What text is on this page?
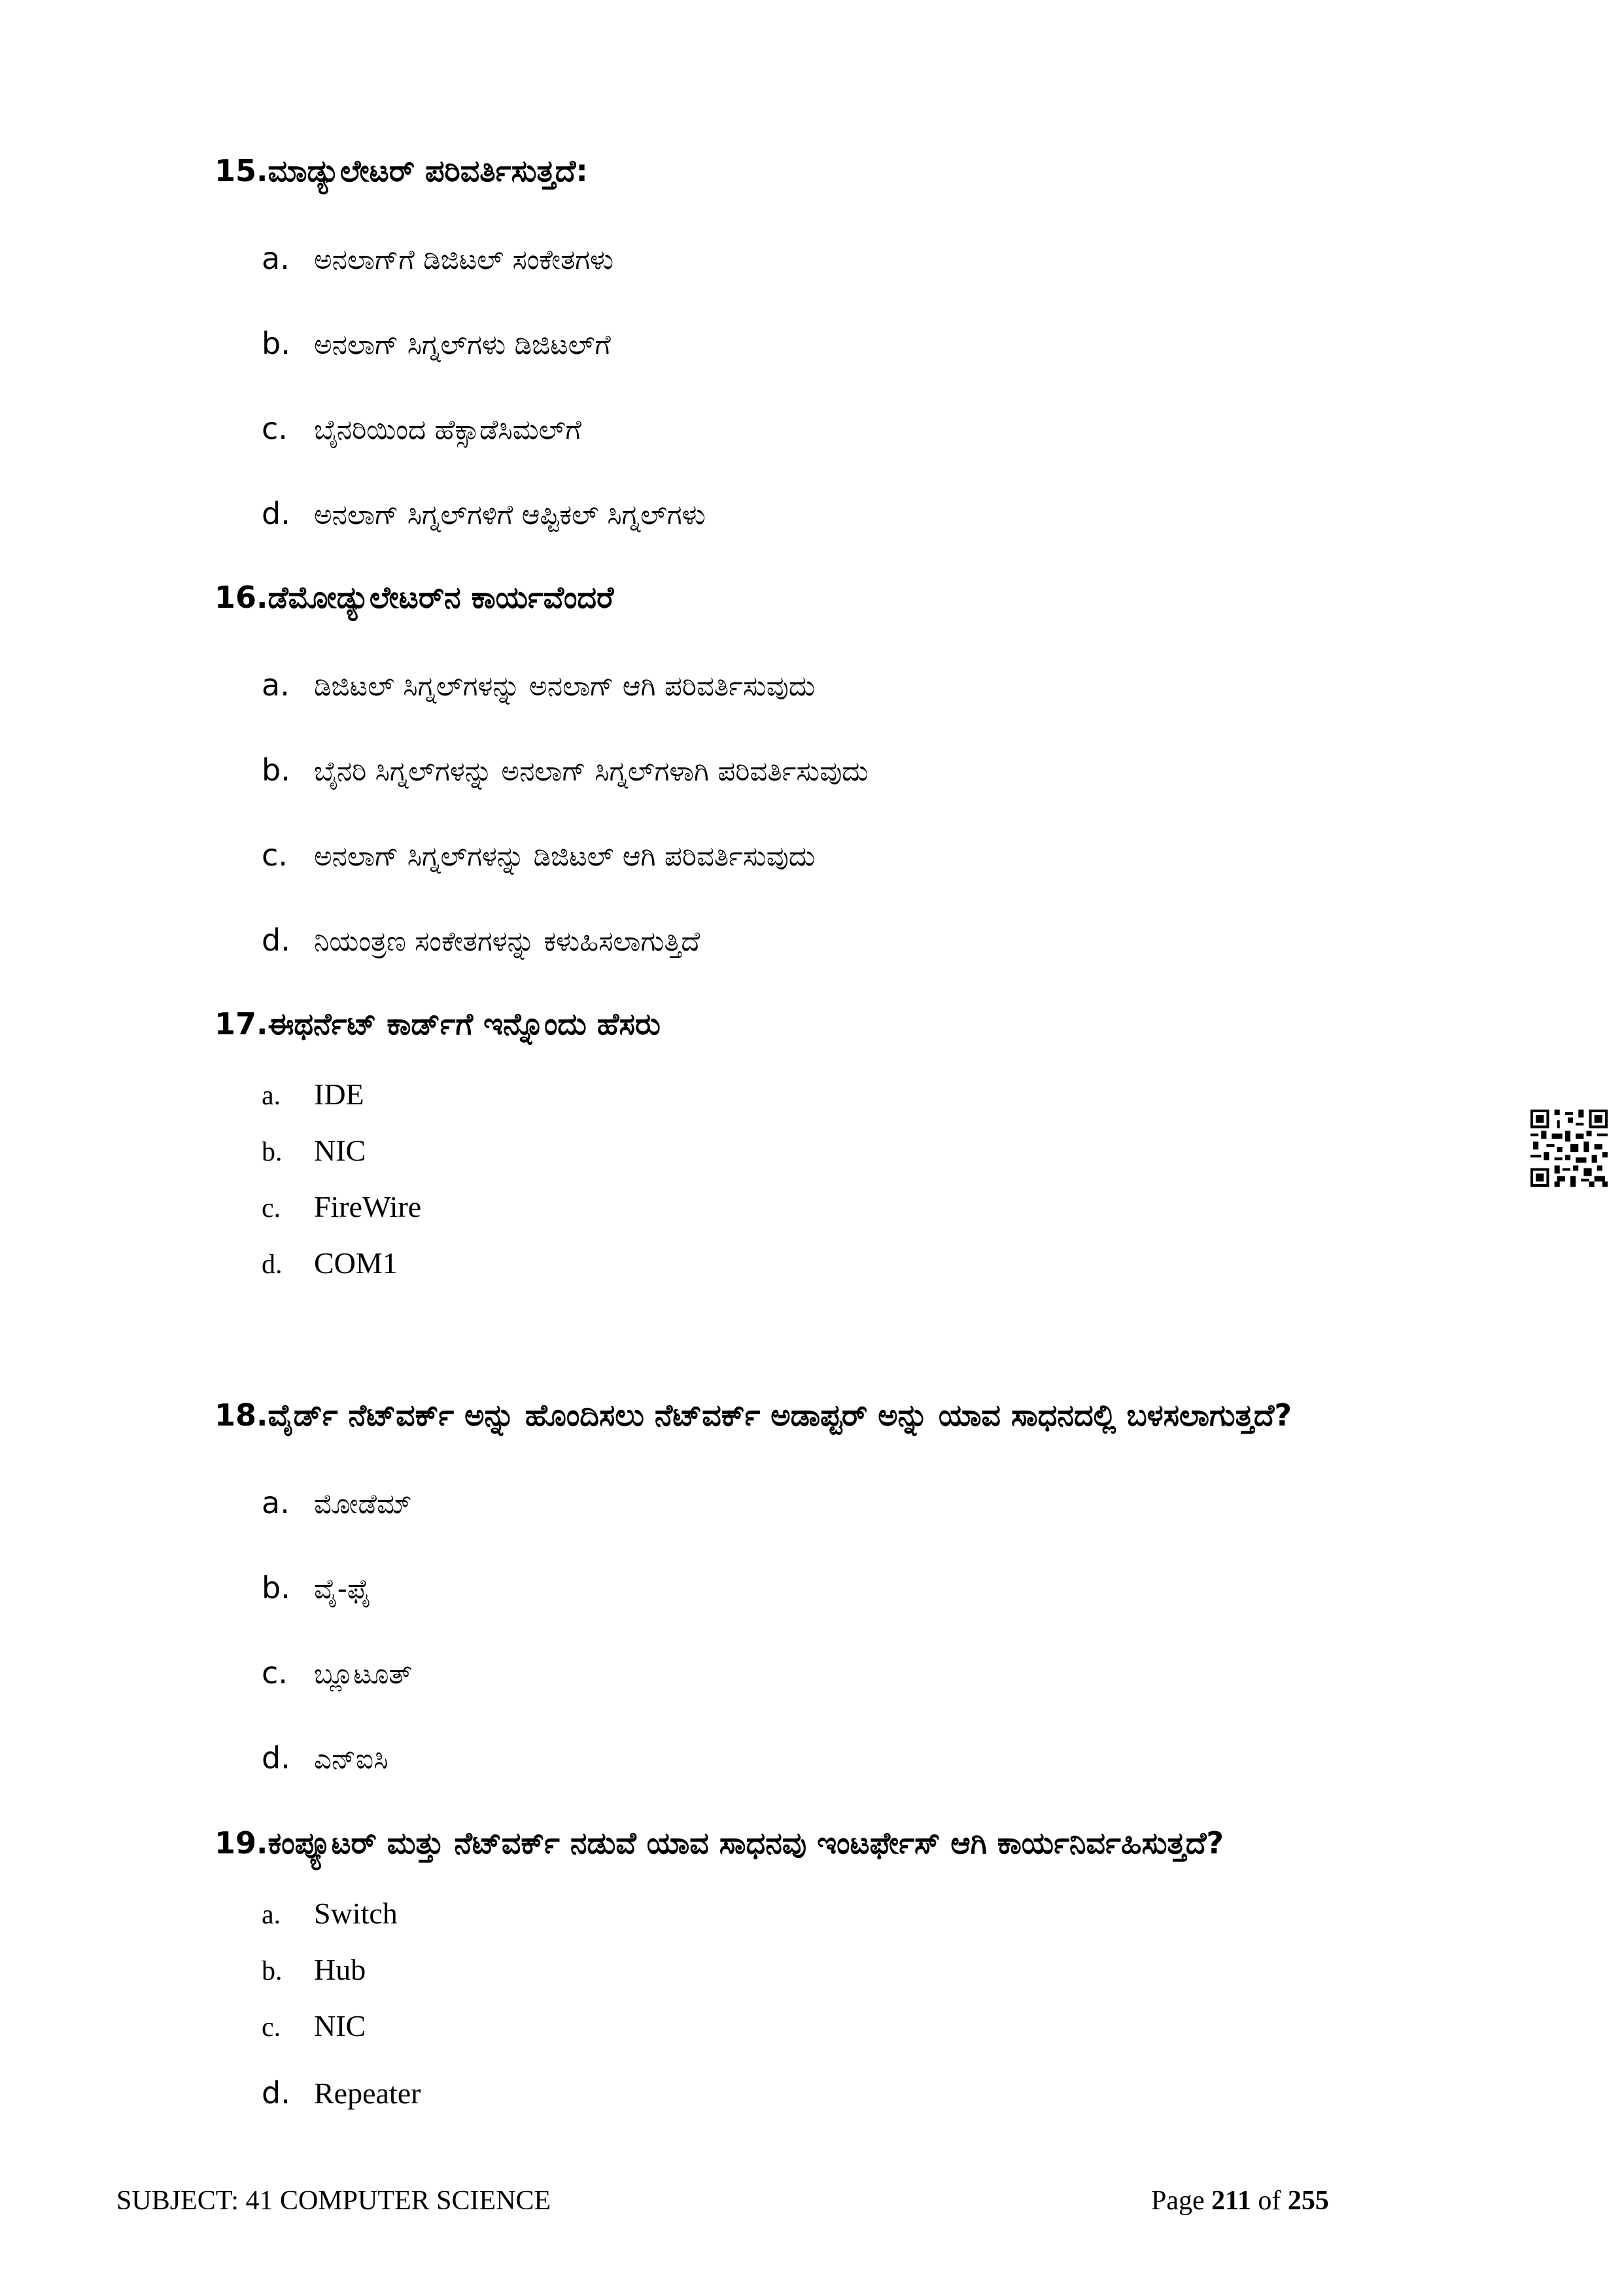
15.ಮಾಡ್ಯುಲೇಟರ್ ಪರಿವರ್ತಿಸುತ್ತದೆ:
a. ಅನಲಾಗ್‌ಗೆ ಡಿಜಿಟಲ್ ಸಂಕೇತಗಳು
b. ಅನಲಾಗ್ ಸಿಗ್ನಲ್‌ಗಳು ಡಿಜಿಟಲ್‌ಗೆ
c. ಬೈನರಿಯಿಂದ ಹೆಕ್ಸಾಡೆಸಿಮಲ್‌ಗೆ
d. ಅನಲಾಗ್ ಸಿಗ್ನಲ್‌ಗಳಿಗೆ ಆಪ್ಟಿಕಲ್ ಸಿಗ್ನಲ್‌ಗಳು
16.ಡೆಮೋಡ್ಯುಲೇಟರ್‌ನ ಕಾರ್ಯವೆಂದರೆ
a. ಡಿಜಿಟಲ್ ಸಿಗ್ನಲ್‌ಗಳನ್ನು ಅನಲಾಗ್ ಆಗಿ ಪರಿವರ್ತಿಸುವುದು
b. ಬೈನರಿ ಸಿಗ್ನಲ್‌ಗಳನ್ನು ಅನಲಾಗ್ ಸಿಗ್ನಲ್‌ಗಳಾಗಿ ಪರಿವರ್ತಿಸುವುದು
c. ಅನಲಾಗ್ ಸಿಗ್ನಲ್‌ಗಳನ್ನು ಡಿಜಿಟಲ್ ಆಗಿ ಪರಿವರ್ತಿಸುವುದು
d. ನಿಯಂತ್ರಣ ಸಂಕೇತಗಳನ್ನು ಕಳುಹಿಸಲಾಗುತ್ತಿದೆ
17.ಈಥರ್ನೆಟ್ ಕಾರ್ಡ್‌ಗೆ ಇನ್ನೊಂದು ಹೆಸರು
a.	IDE
b.	NIC
c.	FireWire
d.	COM1
18.ವೈರ್ಡ್ ನೆಟ್‌ವರ್ಕ್ ಅನ್ನು ಹೊಂದಿಸಲು ನೆಟ್‌ವರ್ಕ್ ಅಡಾಪ್ಟರ್ ಅನ್ನು ಯಾವ ಸಾಧನದಲ್ಲಿ ಬಳಸಲಾಗುತ್ತದೆ?
a. ಮೋಡೆಮ್
b. ವೈ-ಫೈ
c. ಬ್ಲೂಟೂತ್
d. ಎನ್ಐಸಿ
19.ಕಂಪ್ಯೂಟರ್ ಮತ್ತು ನೆಟ್‌ವರ್ಕ್ ನಡುವೆ ಯಾವ ಸಾಧನವು ಇಂಟರ್ಫೇಸ್ ಆಗಿ ಕಾರ್ಯನಿರ್ವಹಿಸುತ್ತದೆ?
a.	Switch
b.	Hub
c.	NIC
d. Repeater
SUBJECT: 41 COMPUTER SCIENCE	Page 211 of 255
